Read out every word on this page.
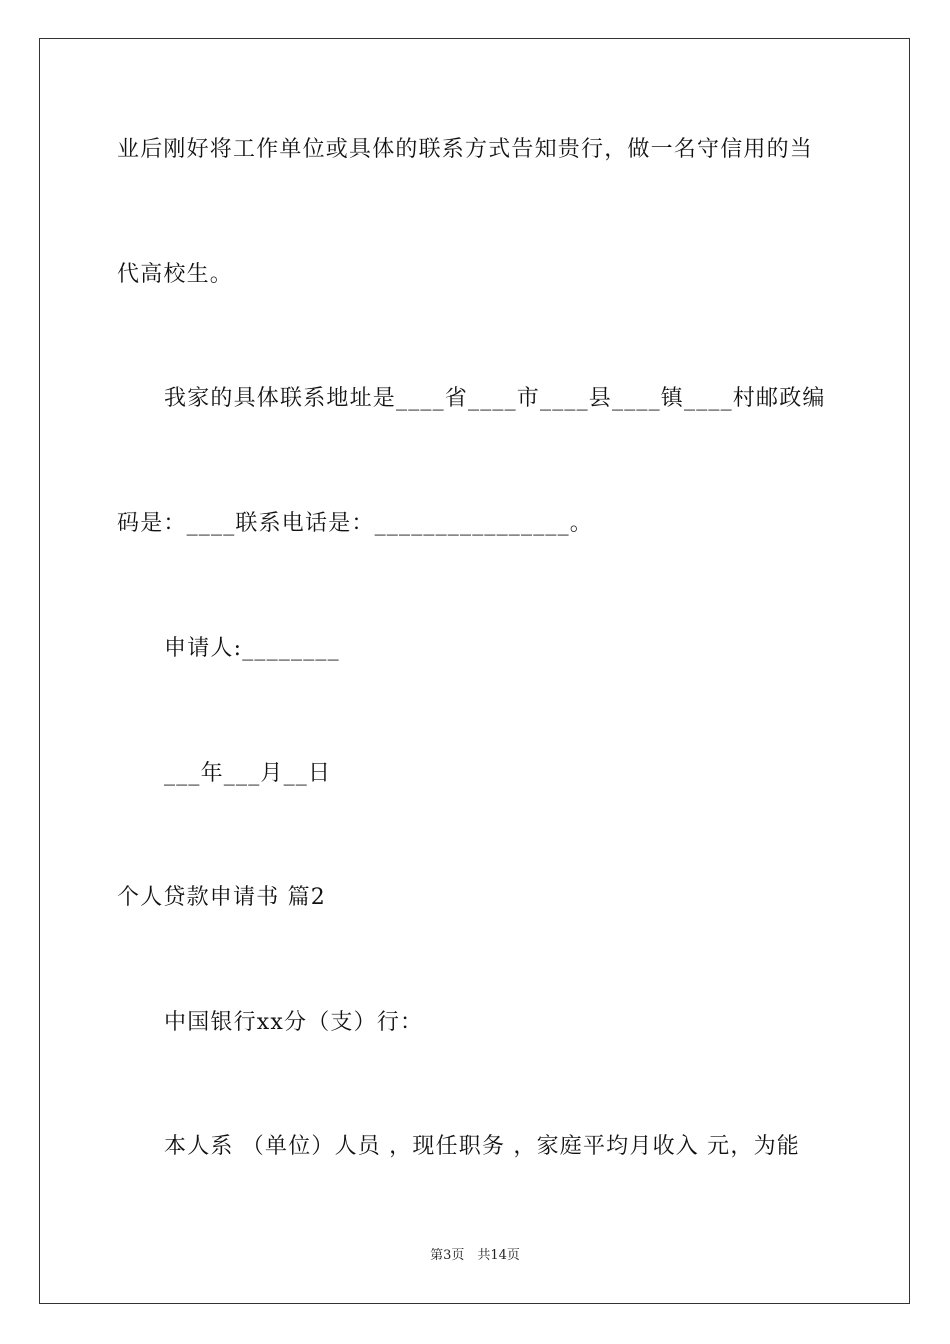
业后刚好将工作单位或具体的联系方式告知贵行，做一名守信用的当
代高校生。
我家的具体联系地址是____省____市____县____镇____村邮政编
码是：____联系电话是：________________。
申请人:________
___年___月__日
个人贷款申请书 篇2
中国银行xx分（支）行：
本人系 （单位）人员 ，现任职务 ，家庭平均月收入 元，为能
第3页　共14页
